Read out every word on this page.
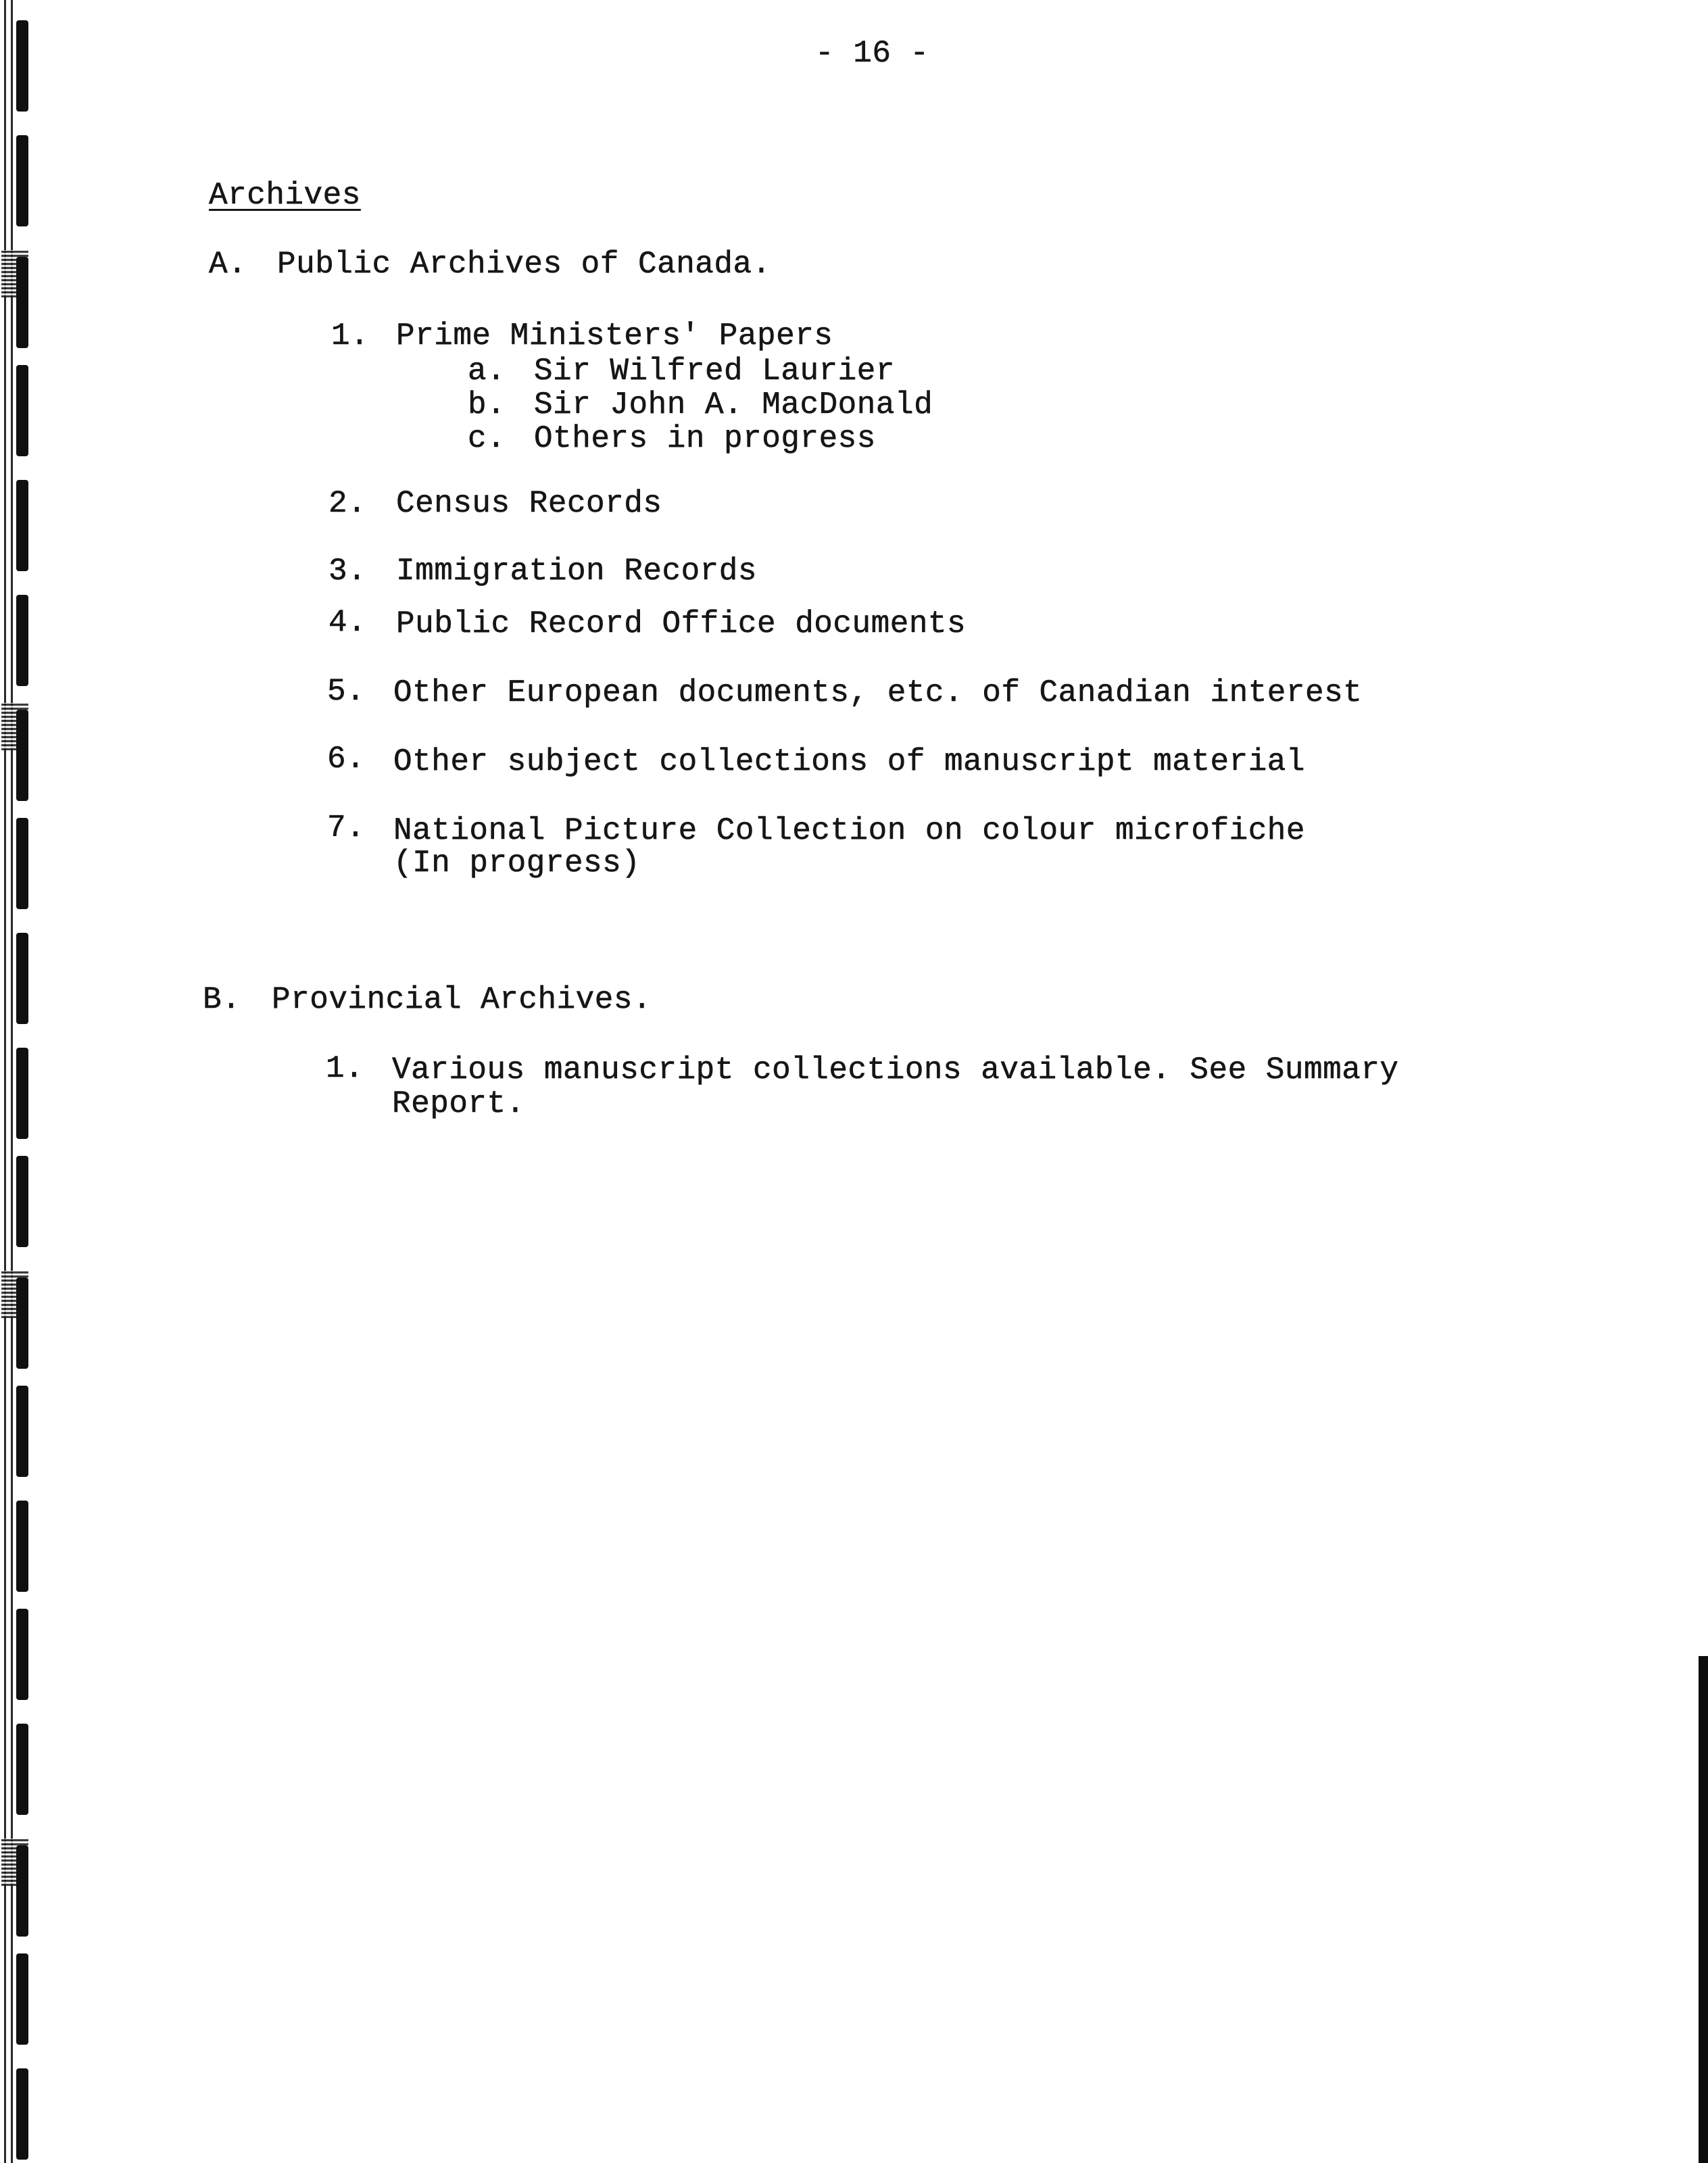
- 16 -
Archives
A. Public Archives of Canada.
1. Prime Ministers' Papers
a. Sir Wilfred Laurier
b. Sir John A. MacDonald
c. Others in progress
2. Census Records
3. Immigration Records
4. Public Record Office documents
5. Other European documents, etc. of Canadian interest
6. Other subject collections of manuscript material
7. National Picture Collection on colour microfiche
(In progress)
B. Provincial Archives.
1. Various manuscript collections available. See Summary
Report.
